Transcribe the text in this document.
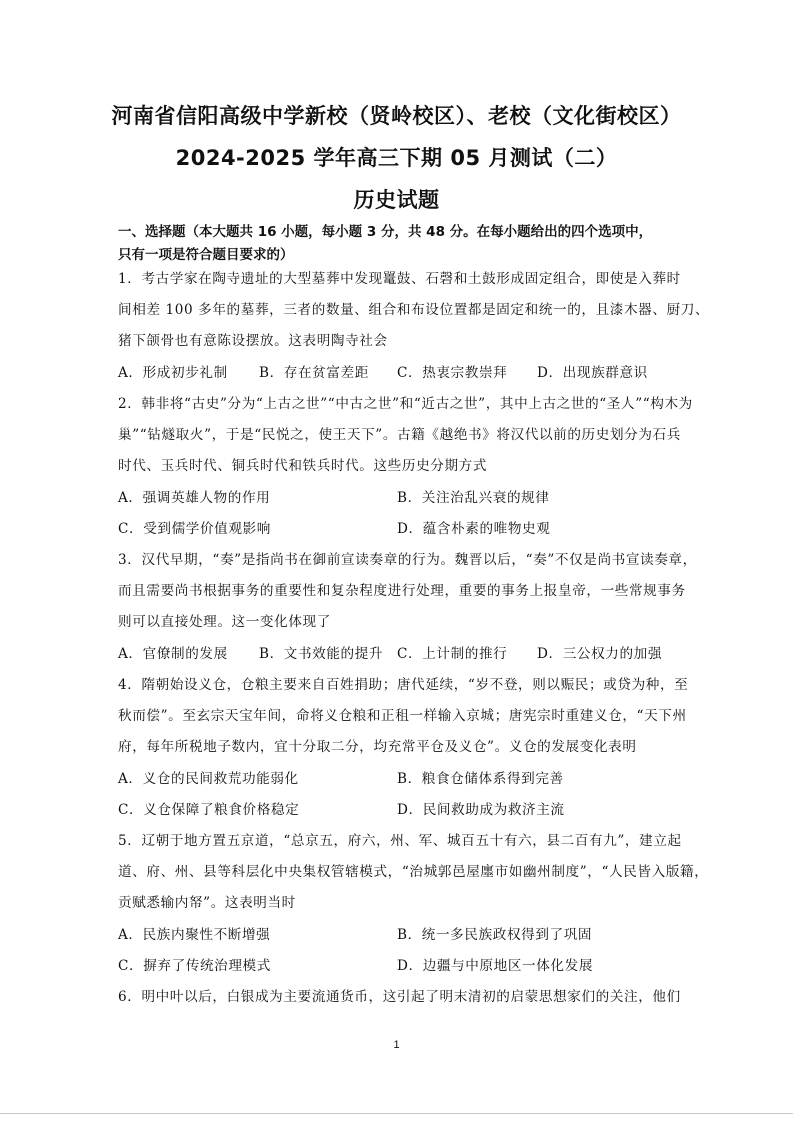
河南省信阳高级中学新校（贤岭校区）、老校（文化街校区）
2024-2025 学年高三下期 05 月测试（二）
历史试题
一、选择题（本大题共 16 小题，每小题 3 分，共 48 分。在每小题给出的四个选项中，
只有一项是符合题目要求的）
1．考古学家在陶寺遗址的大型墓葬中发现鼍鼓、石磬和土鼓形成固定组合，即使是入葬时
间相差 100 多年的墓葬，三者的数量、组合和布设位置都是固定和统一的，且漆木器、厨刀、
猪下颌骨也有意陈设摆放。这表明陶寺社会
A．形成初步礼制 B．存在贫富差距 C．热衷宗教崇拜 D．出现族群意识
2．韩非将“古史”分为“上古之世”“中古之世”和“近古之世”，其中上古之世的“圣人”“构木为
巢”“钻燧取火”，于是“民悦之，使王天下”。古籍《越绝书》将汉代以前的历史划分为石兵
时代、玉兵时代、铜兵时代和铁兵时代。这些历史分期方式
A．强调英雄人物的作用	B．关注治乱兴衰的规律
C．受到儒学价值观影响	D．蕴含朴素的唯物史观
3．汉代早期，“奏”是指尚书在御前宣读奏章的行为。魏晋以后，“奏”不仅是尚书宣读奏章，
而且需要尚书根据事务的重要性和复杂程度进行处理，重要的事务上报皇帝，一些常规事务
则可以直接处理。这一变化体现了
A．官僚制的发展 B．文书效能的提升 C．上计制的推行 D．三公权力的加强
4．隋朝始设义仓，仓粮主要来自百姓捐助；唐代延续，“岁不登，则以赈民；或贷为种，至
秋而偿”。至玄宗天宝年间，命将义仓粮和正租一样输入京城；唐宪宗时重建义仓，“天下州
府，每年所税地子数内，宜十分取二分，均充常平仓及义仓”。义仓的发展变化表明
A．义仓的民间救荒功能弱化	B．粮食仓储体系得到完善
C．义仓保障了粮食价格稳定	D．民间救助成为救济主流
5．辽朝于地方置五京道，“总京五，府六，州、军、城百五十有六，县二百有九”，建立起
道、府、州、县等科层化中央集权管辖模式，“治城郭邑屋廛市如幽州制度”，“人民皆入版籍，
贡赋悉输内帑”。这表明当时
A．民族内聚性不断增强	B．统一多民族政权得到了巩固
C．摒弃了传统治理模式	D．边疆与中原地区一体化发展
6．明中叶以后，白银成为主要流通货币，这引起了明末清初的启蒙思想家们的关注，他们
1
